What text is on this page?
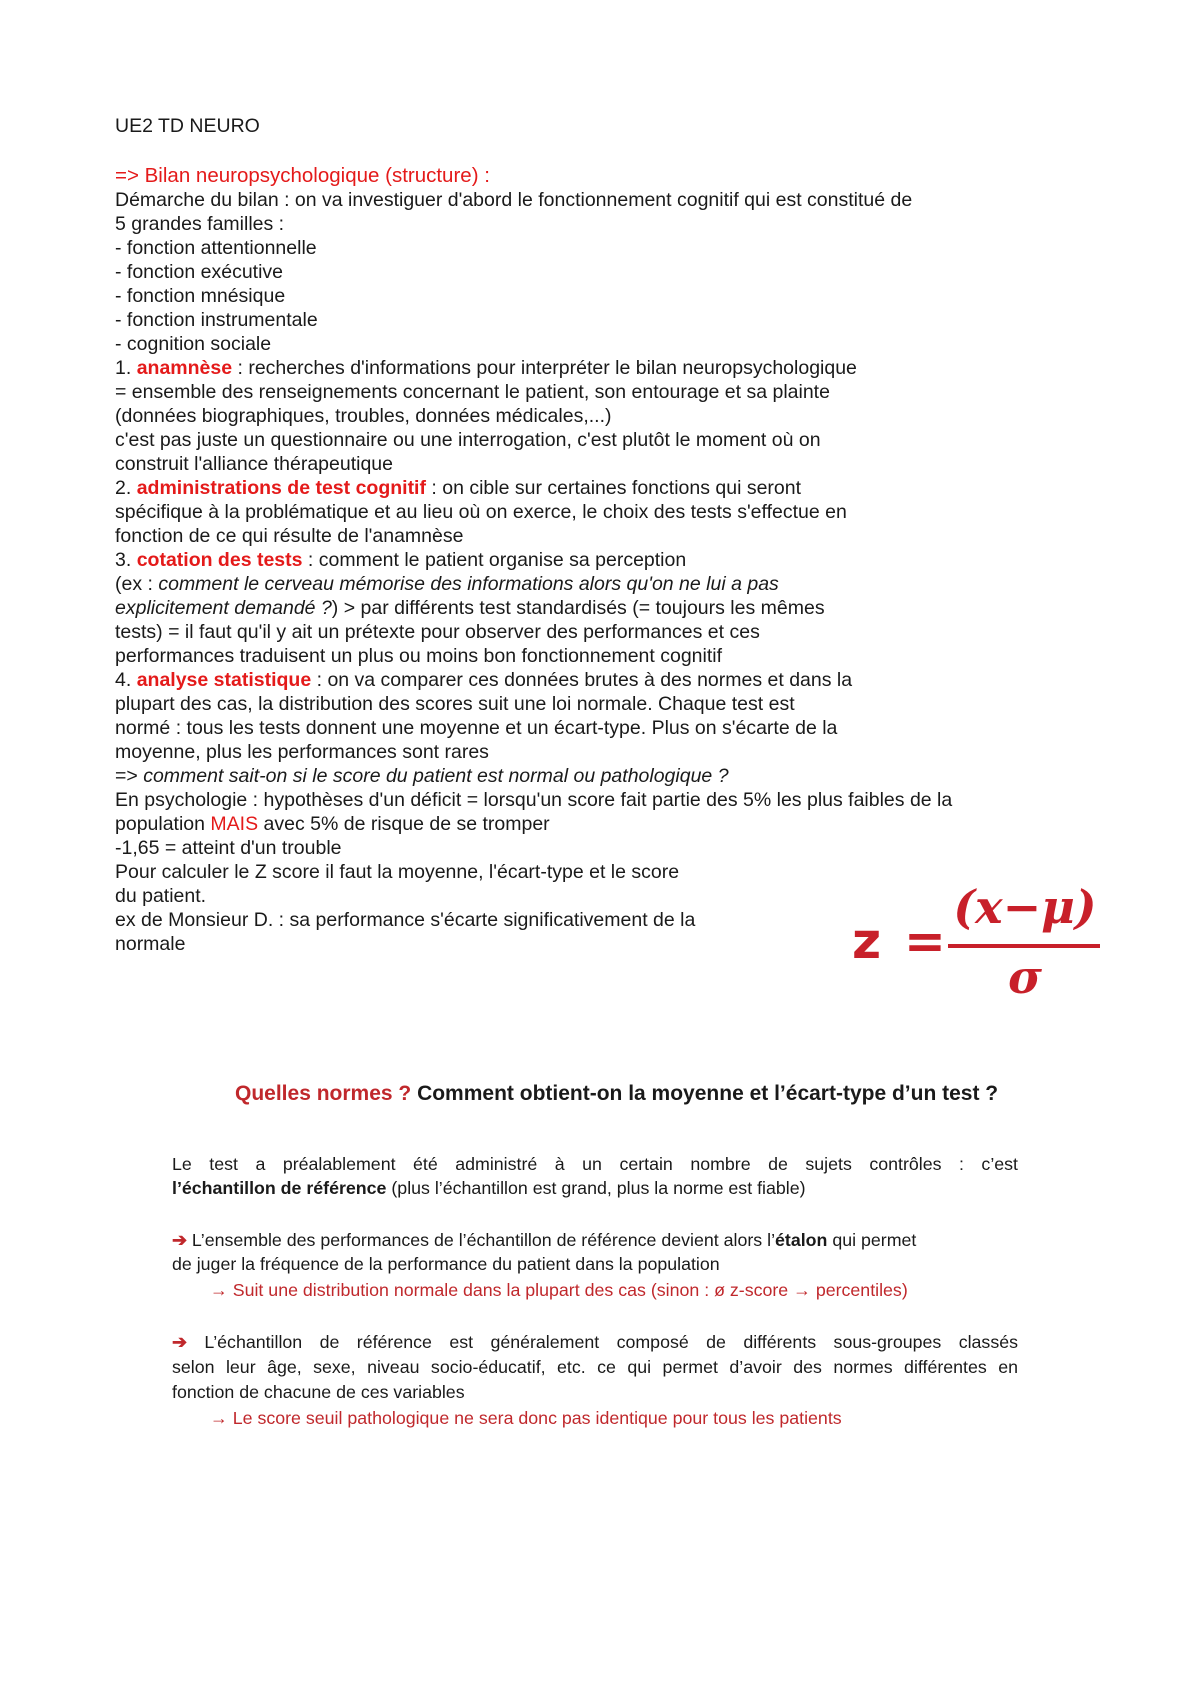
UE2 TD NEURO
=> Bilan neuropsychologique (structure) :
Démarche du bilan : on va investiguer d'abord le fonctionnement cognitif qui est constitué de
5 grandes familles :
- fonction attentionnelle
- fonction exécutive
- fonction mnésique
- fonction instrumentale
- cognition sociale
1. anamnèse : recherches d'informations pour interpréter le bilan neuropsychologique
= ensemble des renseignements concernant le patient, son entourage et sa plainte
(données biographiques, troubles, données médicales,...)
c'est pas juste un questionnaire ou une interrogation, c'est plutôt le moment où on
construit l'alliance thérapeutique
2. administrations de test cognitif : on cible sur certaines fonctions qui seront
spécifique à la problématique et au lieu où on exerce, le choix des tests s'effectue en
fonction de ce qui résulte de l'anamnèse
3. cotation des tests : comment le patient organise sa perception
(ex : comment le cerveau mémorise des informations alors qu'on ne lui a pas
explicitement demandé ?) > par différents test standardisés (= toujours les mêmes
tests) = il faut qu'il y ait un prétexte pour observer des performances et ces
performances traduisent un plus ou moins bon fonctionnement cognitif
4. analyse statistique : on va comparer ces données brutes à des normes et dans la
plupart des cas, la distribution des scores suit une loi normale. Chaque test est
normé : tous les tests donnent une moyenne et un écart-type. Plus on s'écarte de la
moyenne, plus les performances sont rares
=> comment sait-on si le score du patient est normal ou pathologique ?
En psychologie : hypothèses d'un déficit = lorsqu'un score fait partie des 5% les plus faibles de la
population MAIS avec 5% de risque de se tromper
-1,65 = atteint d'un trouble
Pour calculer le Z score il faut la moyenne, l'écart-type et le score
du patient.
ex de Monsieur D. : sa performance s'écarte significativement de la
normale	z =
(x−μ)
σ
Quelles normes ? Comment obtient-on la moyenne et l’écart-type d’un test ?
Le test a préalablement été administré à un certain nombre de sujets contrôles : c’est
l’échantillon de référence (plus l’échantillon est grand, plus la norme est fiable)
➔ L’ensemble des performances de l’échantillon de référence devient alors l’étalon qui permet
de juger la fréquence de la performance du patient dans la population
→ Suit une distribution normale dans la plupart des cas (sinon : ø z-score → percentiles)
➔ L’échantillon de référence est généralement composé de différents sous-groupes classés
selon leur âge, sexe, niveau socio-éducatif, etc. ce qui permet d’avoir des normes différentes en
fonction de chacune de ces variables
→ Le score seuil pathologique ne sera donc pas identique pour tous les patients
